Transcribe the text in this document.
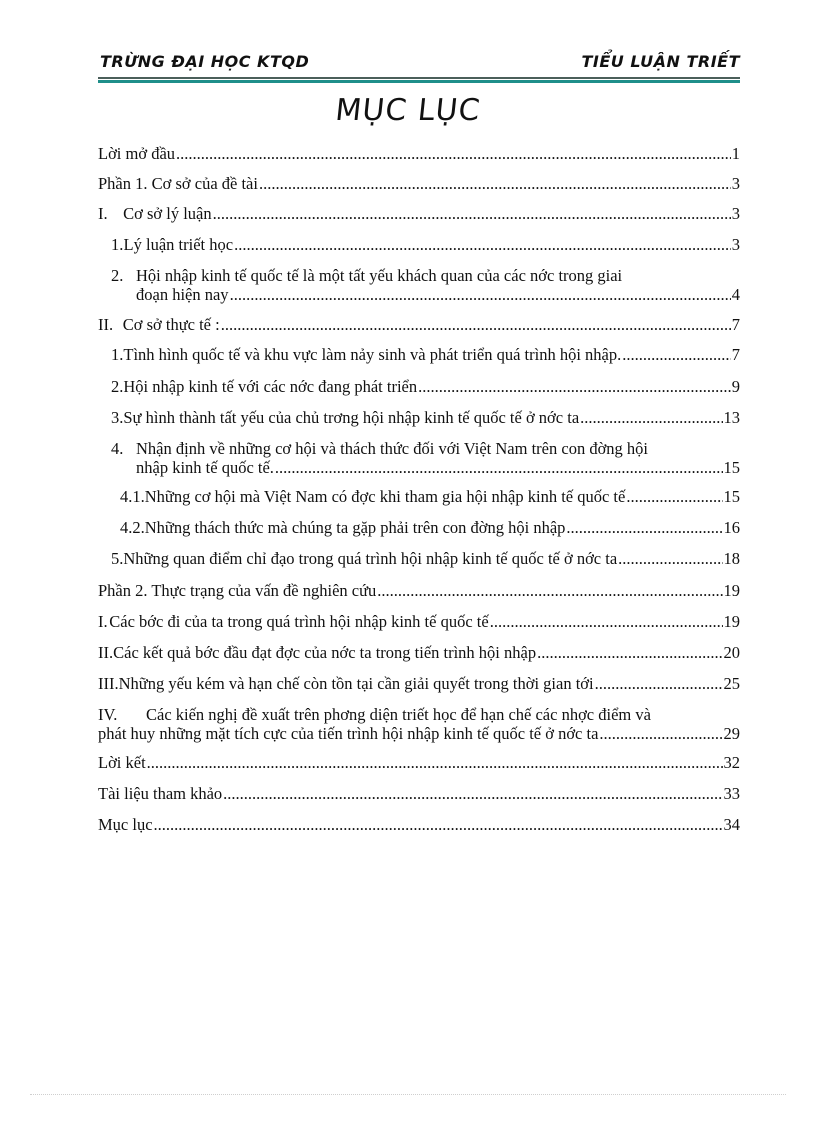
TRỪNG ĐẠI HỌC KTQD	TIỂU LUẬN TRIẾT
MỤC LỤC
Lời mở đầu .....	1
Phần 1. Cơ sở của đề tài .....	3
I. Cơ sở lý luận .....	3
1. Lý luận triết học .....	3
2. Hội nhập kinh tế quốc tế là một tất yếu khách quan của các nớc trong giai
đoạn hiện nay .....	4
II. Cơ sở thực tế : .....	7
1. Tình hình quốc tế và khu vực làm nảy sinh và phát triển quá trình hội nhập. .....	7
2. Hội nhập kinh tế với các nớc đang phát triển .....	9
3. Sự hình thành tất yếu của chủ trơng hội nhập kinh tế quốc tế ở nớc ta .....	13
4. Nhận định về những cơ hội và thách thức đối với Việt Nam trên con đờng hội
nhập kinh tế quốc tế. .....	15
4.1. Những cơ hội mà Việt Nam có đợc khi tham gia hội nhập kinh tế quốc tế .....	15
4.2. Những thách thức mà chúng ta gặp phải trên con đờng hội nhập .....	16
5. Những quan điểm chỉ đạo trong quá trình hội nhập kinh tế quốc tế ở nớc ta .....	18
Phần 2. Thực trạng của vấn đề nghiên cứu .....	19
I. Các bớc đi của ta trong quá trình hội nhập kinh tế quốc tế .....	19
II. Các kết quả bớc đầu đạt đợc của nớc ta trong tiến trình hội nhập .....	20
III. Những yếu kém và hạn chế còn tồn tại cần giải quyết trong thời gian tới .....	25
IV. Các kiến nghị đề xuất trên phơng diện triết học để hạn chế các nhợc điểm và
phát huy những mặt tích cực của tiến trình hội nhập kinh tế quốc tế ở nớc ta .....	29
Lời kết .....	32
Tài liệu tham khảo .....	33
Mục lục .....	34
